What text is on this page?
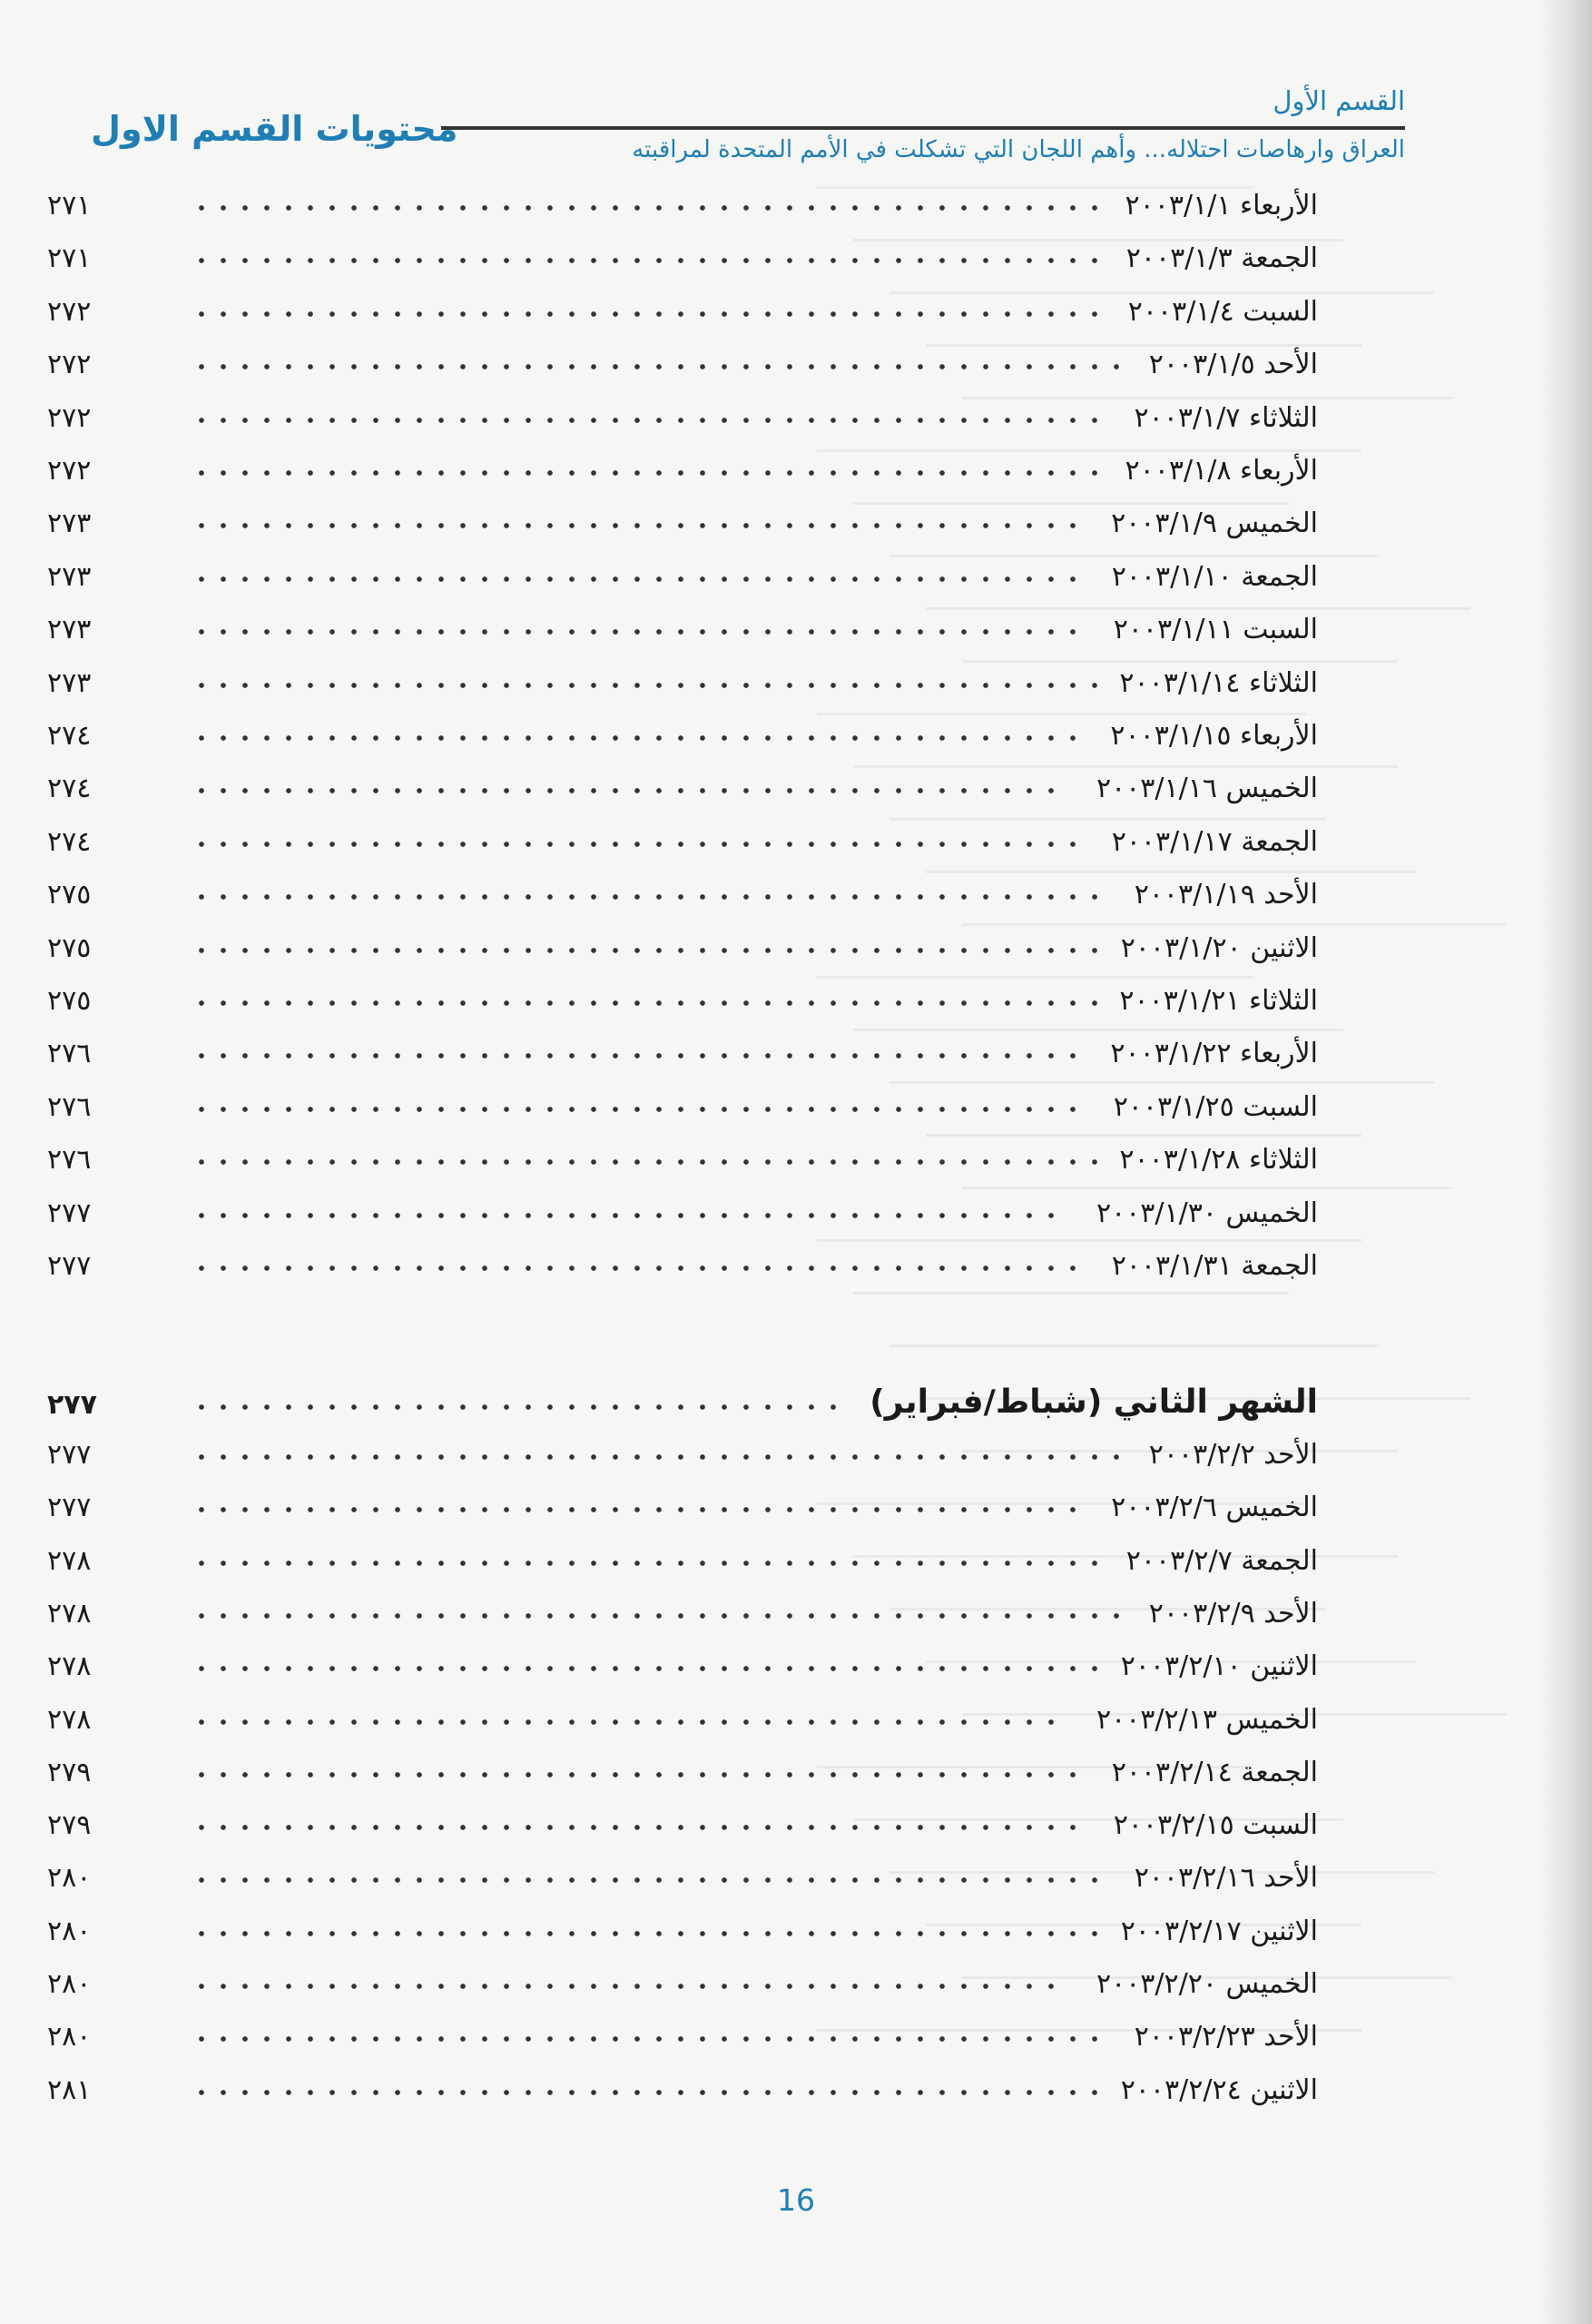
القسم الأول
العراق وارهاصات احتلاله... وأهم اللجان التي تشكلت في الأمم المتحدة لمراقبته
محتويات القسم الاول
٢٧١	الأربعاء ٢٠٠٣/١/١
٢٧١	الجمعة ٢٠٠٣/١/٣
٢٧٢	السبت ٢٠٠٣/١/٤
٢٧٢	الأحد ٢٠٠٣/١/٥
٢٧٢	الثلاثاء ٢٠٠٣/١/٧
٢٧٢	الأربعاء ٢٠٠٣/١/٨
٢٧٣	الخميس ٢٠٠٣/١/٩
٢٧٣	الجمعة ٢٠٠٣/١/١٠
٢٧٣	السبت ٢٠٠٣/١/١١
٢٧٣	الثلاثاء ٢٠٠٣/١/١٤
٢٧٤	الأربعاء ٢٠٠٣/١/١٥
٢٧٤	الخميس ٢٠٠٣/١/١٦
٢٧٤	الجمعة ٢٠٠٣/١/١٧
٢٧٥	الأحد ٢٠٠٣/١/١٩
٢٧٥	الاثنين ٢٠٠٣/١/٢٠
٢٧٥	الثلاثاء ٢٠٠٣/١/٢١
٢٧٦	الأربعاء ٢٠٠٣/١/٢٢
٢٧٦	السبت ٢٠٠٣/١/٢٥
٢٧٦	الثلاثاء ٢٠٠٣/١/٢٨
٢٧٧	الخميس ٢٠٠٣/١/٣٠
٢٧٧	الجمعة ٢٠٠٣/١/٣١
٢٧٧	الشهر الثاني (شباط/فبراير)
٢٧٧	الأحد ٢٠٠٣/٢/٢
٢٧٧	الخميس ٢٠٠٣/٢/٦
٢٧٨	الجمعة ٢٠٠٣/٢/٧
٢٧٨	الأحد ٢٠٠٣/٢/٩
٢٧٨	الاثنين ٢٠٠٣/٢/١٠
٢٧٨	الخميس ٢٠٠٣/٢/١٣
٢٧٩	الجمعة ٢٠٠٣/٢/١٤
٢٧٩	السبت ٢٠٠٣/٢/١٥
٢٨٠	الأحد ٢٠٠٣/٢/١٦
٢٨٠	الاثنين ٢٠٠٣/٢/١٧
٢٨٠	الخميس ٢٠٠٣/٢/٢٠
٢٨٠	الأحد ٢٠٠٣/٢/٢٣
٢٨١	الاثنين ٢٠٠٣/٢/٢٤
16
